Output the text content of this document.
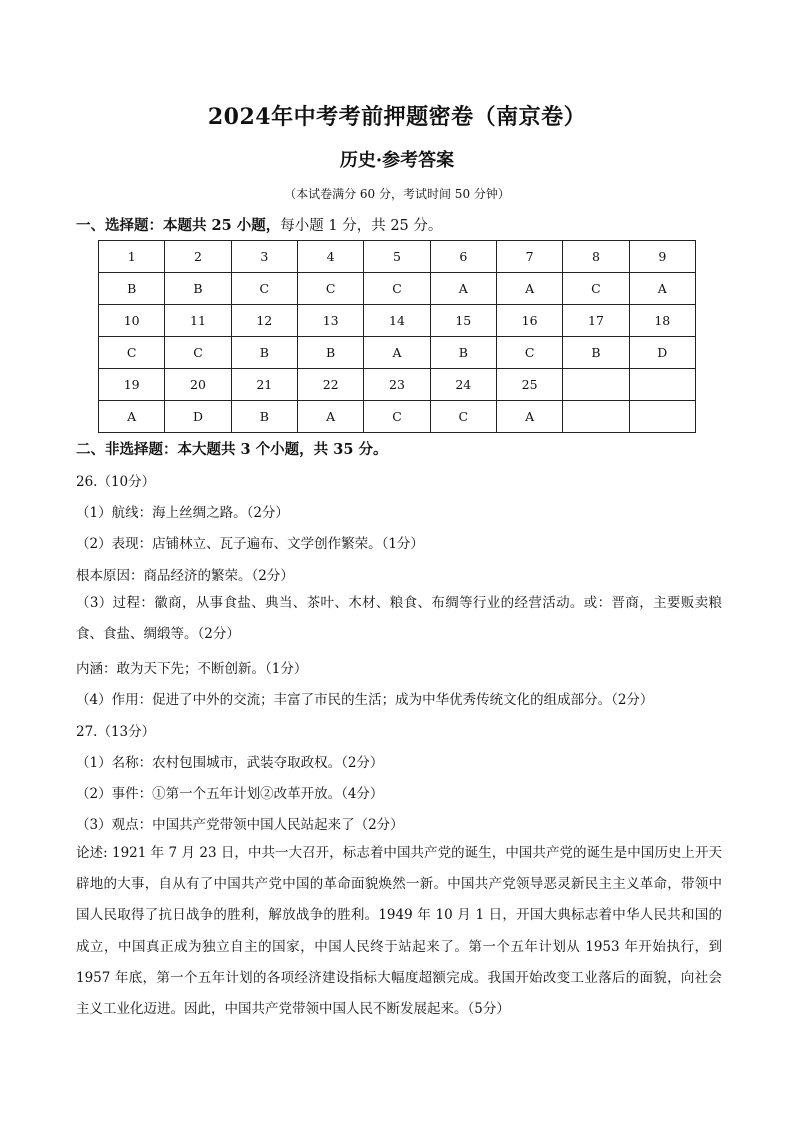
2024年中考考前押题密卷（南京卷）
历史·参考答案
（本试卷满分 60 分，考试时间 50 分钟）
一、选择题：本题共 25 小题，每小题 1 分，共 25 分。
1	2	3	4	5	6	7	8	9
B	B	C	C	C	A	A	C	A
10	11	12	13	14	15	16	17	18
C	C	B	B	A	B	C	B	D
19	20	21	22	23	24	25		
A	D	B	A	C	C	A		
二、非选择题：本大题共 3 个小题，共 35 分。
26.（10分）
（1）航线：海上丝绸之路。（2分）
（2）表现：店铺林立、瓦子遍布、文学创作繁荣。（1分）
根本原因：商品经济的繁荣。（2分）
（3）过程：徽商，从事食盐、典当、茶叶、木材、粮食、布绸等行业的经营活动。或：晋商，主要贩卖粮食、食盐、绸缎等。（2分）
内涵：敢为天下先；不断创新。（1分）
（4）作用：促进了中外的交流；丰富了市民的生活；成为中华优秀传统文化的组成部分。（2分）
27.（13分）
（1）名称：农村包围城市，武装夺取政权。（2分）
（2）事件：①第一个五年计划②改革开放。（4分）
（3）观点：中国共产党带领中国人民站起来了（2分）
论述: 1921 年 7 月 23 日，中共一大召开，标志着中国共产党的诞生，中国共产党的诞生是中国历史上开天辟地的大事，自从有了中国共产党中国的革命面貌焕然一新。中国共产党领导恶灵新民主主义革命，带领中国人民取得了抗日战争的胜利，解放战争的胜利。1949 年 10 月 1 日，开国大典标志着中华人民共和国的成立，中国真正成为独立自主的国家，中国人民终于站起来了。第一个五年计划从 1953 年开始执行，到 1957 年底，第一个五年计划的各项经济建设指标大幅度超额完成。我国开始改变工业落后的面貌，向社会主义工业化迈进。因此，中国共产党带领中国人民不断发展起来。（5分）
